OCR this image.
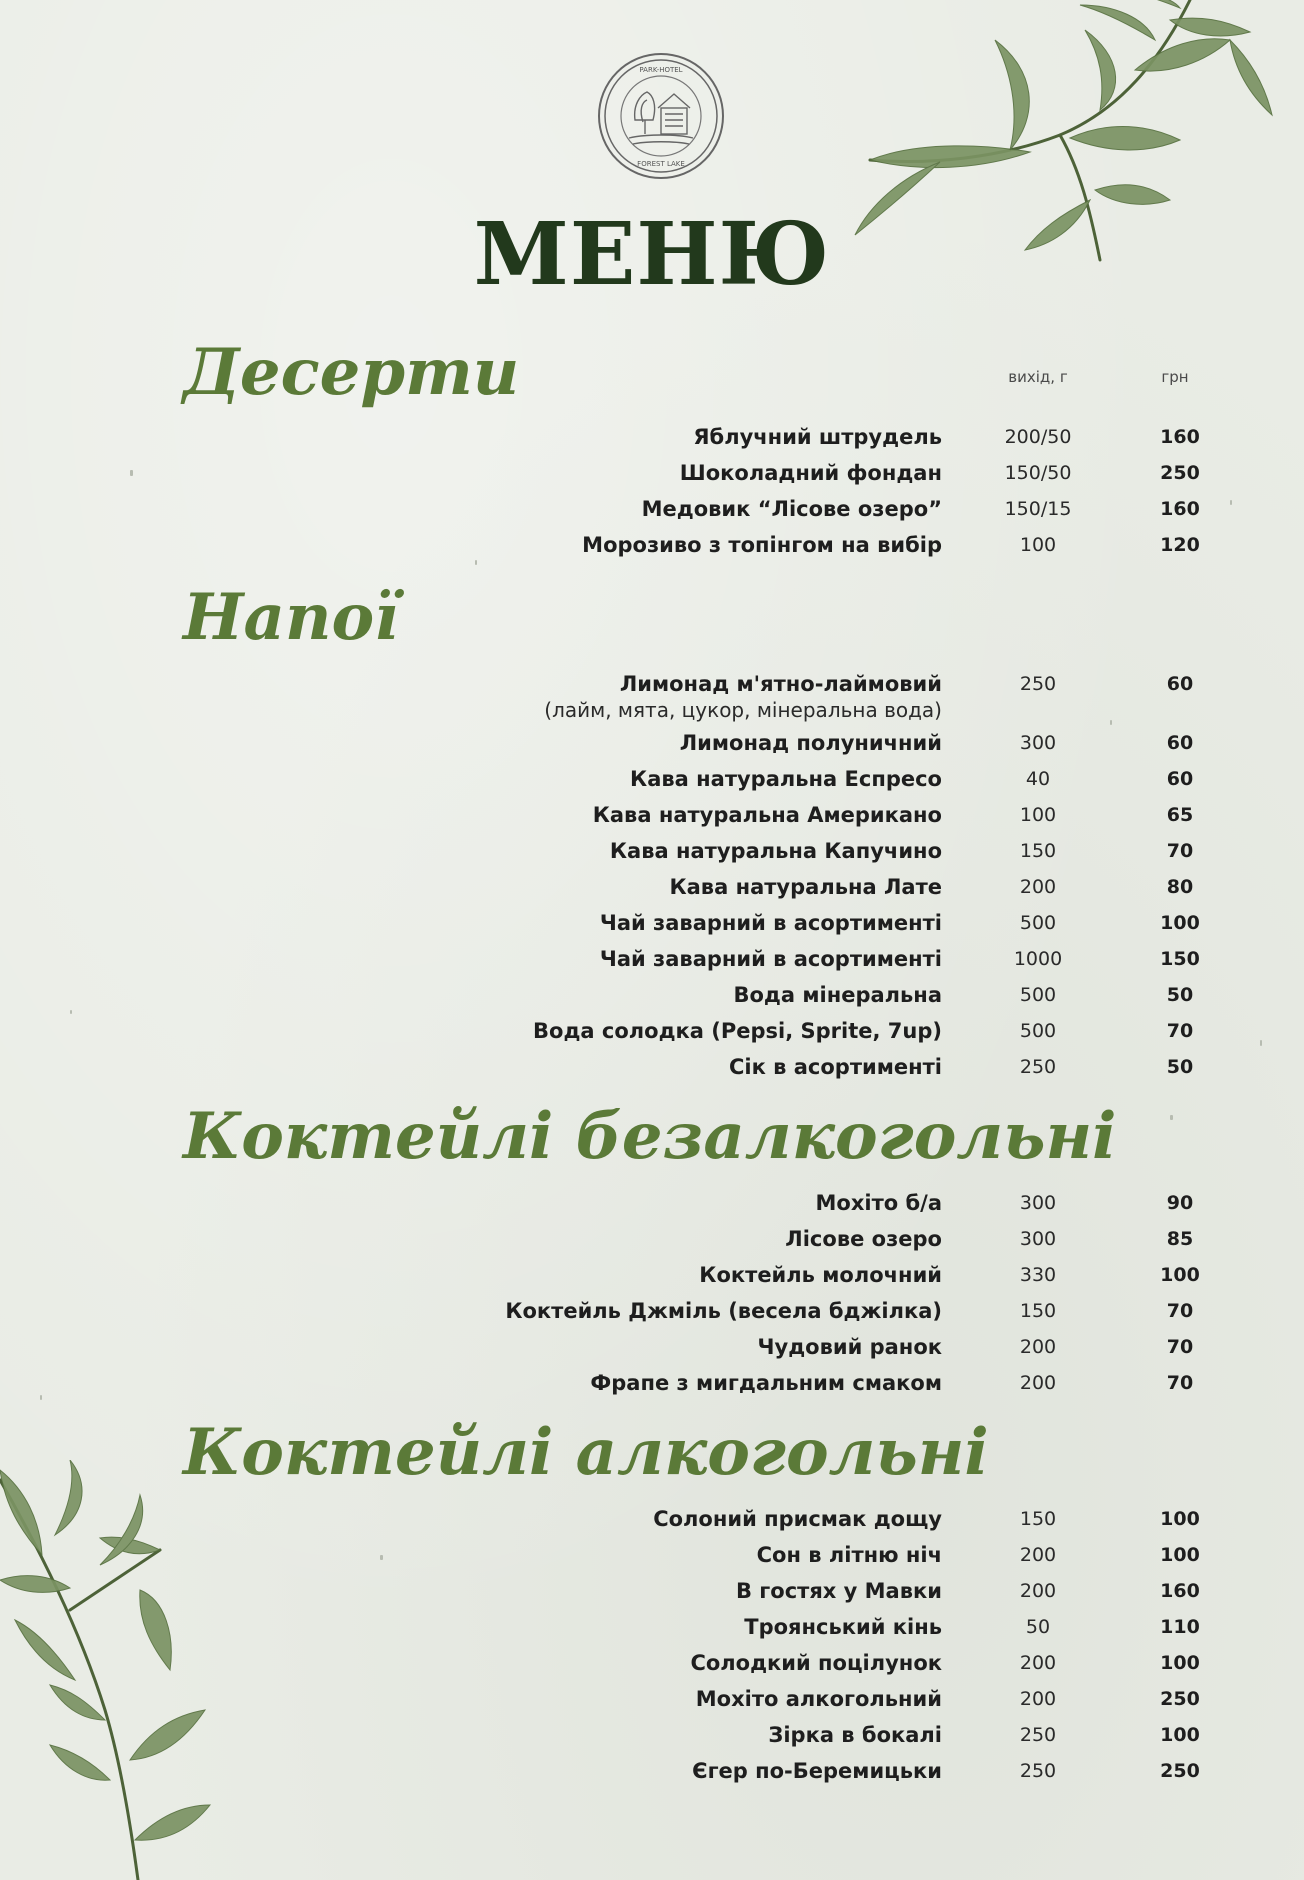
PARK-HOTEL
FOREST LAKE
МЕНЮ
вихід, г	грн
Десерти
Яблучний штрудель	200/50	160
Шоколадний фондан	150/50	250
Медовик “Лісове озеро”	150/15	160
Морозиво з топінгом на вибір	100	120
Напої
Лимонад м'ятно-лаймовий
(лайм, мята, цукор, мінеральна вода)
250	60
Лимонад полуничний	300	60
Кава натуральна Еспресо	40	60
Кава натуральна Американо	100	65
Кава натуральна Капучино	150	70
Кава натуральна Лате	200	80
Чай заварний в асортименті	500	100
Чай заварний в асортименті	1000	150
Вода мінеральна	500	50
Вода солодка (Pepsi, Sprite, 7up)	500	70
Сік в асортименті	250	50
Коктейлі безалкогольні
Мохіто б/а	300	90
Лісове озеро	300	85
Коктейль молочний	330	100
Коктейль Джміль (весела бджілка)	150	70
Чудовий ранок	200	70
Фрапе з мигдальним смаком	200	70
Коктейлі алкогольні
Солоний присмак дощу	150	100
Сон в літню ніч	200	100
В гостях у Мавки	200	160
Троянський кінь	50	110
Солодкий поцілунок	200	100
Мохіто алкогольний	200	250
Зірка в бокалі	250	100
Єгер по-Беремицьки	250	250
